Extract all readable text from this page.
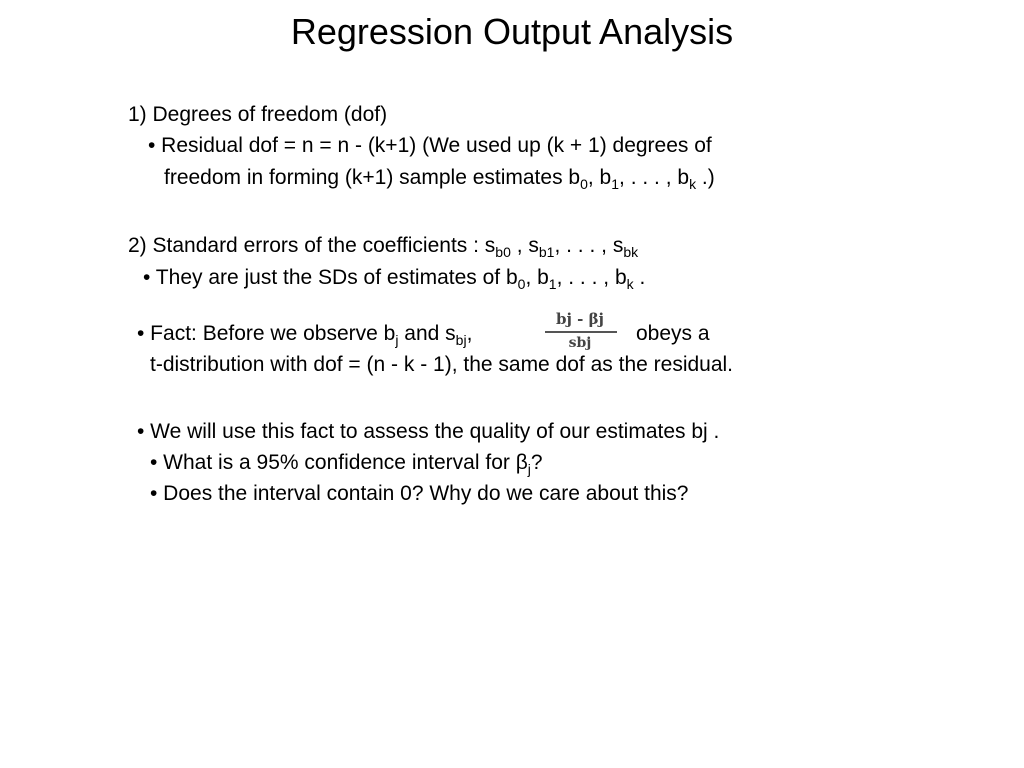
Regression Output Analysis
1) Degrees of freedom (dof)
• Residual dof = n = n - (k+1) (We used up (k + 1) degrees of
freedom in forming (k+1) sample estimates $b_0$, $b_1$, . . . , $b_k$ .)
2) Standard errors of the coefficients : $s_{b0}$ , $s_{b1}$, . . . , $s_{bk}$
• They are just the SDs of estimates of $b_0$, $b_1$, . . . , $b_k$ .
• Fact: Before we observe $b_j$ and $s_{bj}$,
bj - βj
sbj	obeys a
t-distribution with dof = (n - k - 1), the same dof as the residual.
• We will use this fact to assess the quality of our estimates bj .
• What is a 95% confidence interval for $\beta_j$?
• Does the interval contain 0? Why do we care about this?
